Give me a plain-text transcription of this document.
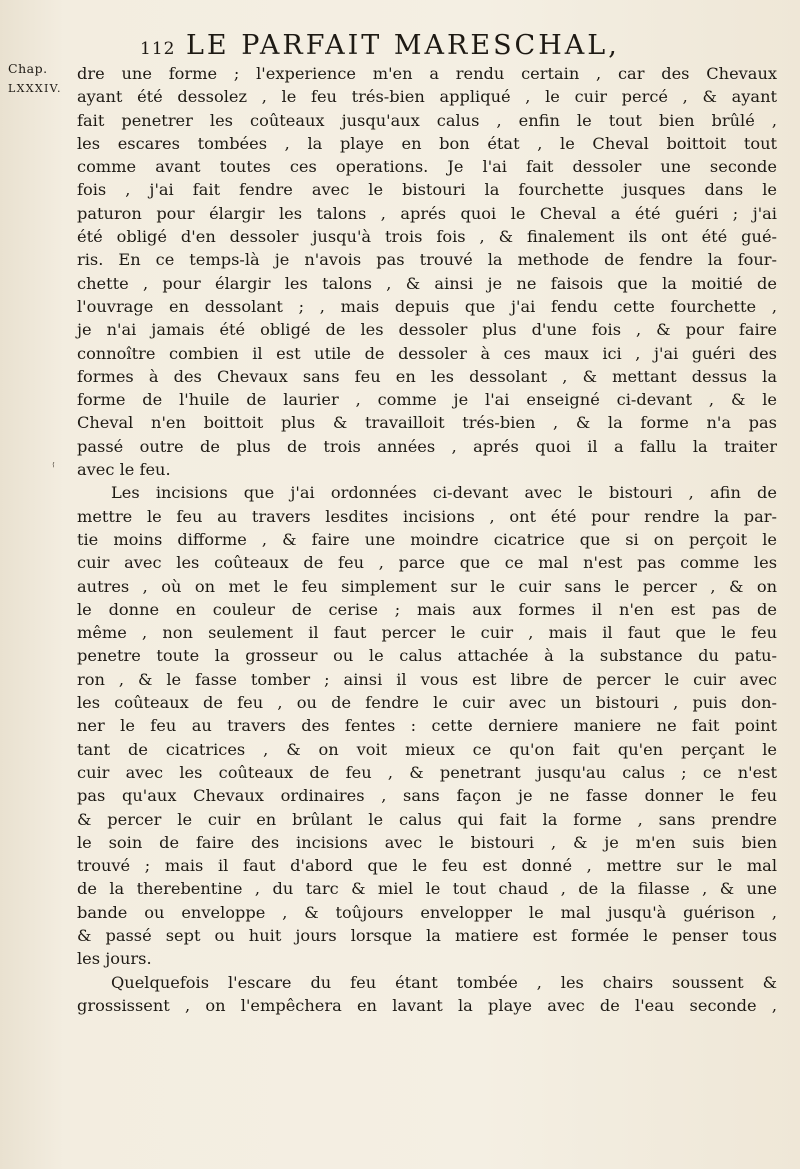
112 LE PARFAIT MARESCHAL,
Chap.
LXXXIV.
,
'
dre une forme ; l'experience m'en a rendu certain , car des Chevaux
ayant été dessolez , le feu trés-bien appliqué , le cuir percé , & ayant
fait penetrer les coûteaux jusqu'aux calus , enfin le tout bien brûlé ,
les escares tombées , la playe en bon état , le Cheval boittoit tout
comme avant toutes ces operations. Je l'ai fait dessoler une seconde
fois , j'ai fait fendre avec le bistouri la fourchette jusques dans le
paturon pour élargir les talons , aprés quoi le Cheval a été guéri ; j'ai
été obligé d'en dessoler jusqu'à trois fois , & finalement ils ont été gué-
ris. En ce temps-là je n'avois pas trouvé la methode de fendre la four-
chette , pour élargir les talons , & ainsi je ne faisois que la moitié de
l'ouvrage en dessolant ; , mais depuis que j'ai fendu cette fourchette ,
je n'ai jamais été obligé de les dessoler plus d'une fois , & pour faire
connoître combien il est utile de dessoler à ces maux ici , j'ai guéri des
formes à des Chevaux sans feu en les dessolant , & mettant dessus la
forme de l'huile de laurier , comme je l'ai enseigné ci-devant , & le
Cheval n'en boittoit plus & travailloit trés-bien , & la forme n'a pas
passé outre de plus de trois années , aprés quoi il a fallu la traiter
avec le feu.
Les incisions que j'ai ordonnées ci-devant avec le bistouri , afin de
mettre le feu au travers lesdites incisions , ont été pour rendre la par-
tie moins difforme , & faire une moindre cicatrice que si on perçoit le
cuir avec les coûteaux de feu , parce que ce mal n'est pas comme les
autres , où on met le feu simplement sur le cuir sans le percer , & on
le donne en couleur de cerise ; mais aux formes il n'en est pas de
même , non seulement il faut percer le cuir , mais il faut que le feu
penetre toute la grosseur ou le calus attachée à la substance du patu-
ron , & le fasse tomber ; ainsi il vous est libre de percer le cuir avec
les coûteaux de feu , ou de fendre le cuir avec un bistouri , puis don-
ner le feu au travers des fentes : cette derniere maniere ne fait point
tant de cicatrices , & on voit mieux ce qu'on fait qu'en perçant le
cuir avec les coûteaux de feu , & penetrant jusqu'au calus ; ce n'est
pas qu'aux Chevaux ordinaires , sans façon je ne fasse donner le feu
& percer le cuir en brûlant le calus qui fait la forme , sans prendre
le soin de faire des incisions avec le bistouri , & je m'en suis bien
trouvé ; mais il faut d'abord que le feu est donné , mettre sur le mal
de la therebentine , du tarc & miel le tout chaud , de la filasse , & une
bande ou enveloppe , & toûjours envelopper le mal jusqu'à guérison ,
& passé sept ou huit jours lorsque la matiere est formée le penser tous
les jours.
Quelquefois l'escare du feu étant tombée , les chairs soussent &
grossissent , on l'empêchera en lavant la playe avec de l'eau seconde ,
